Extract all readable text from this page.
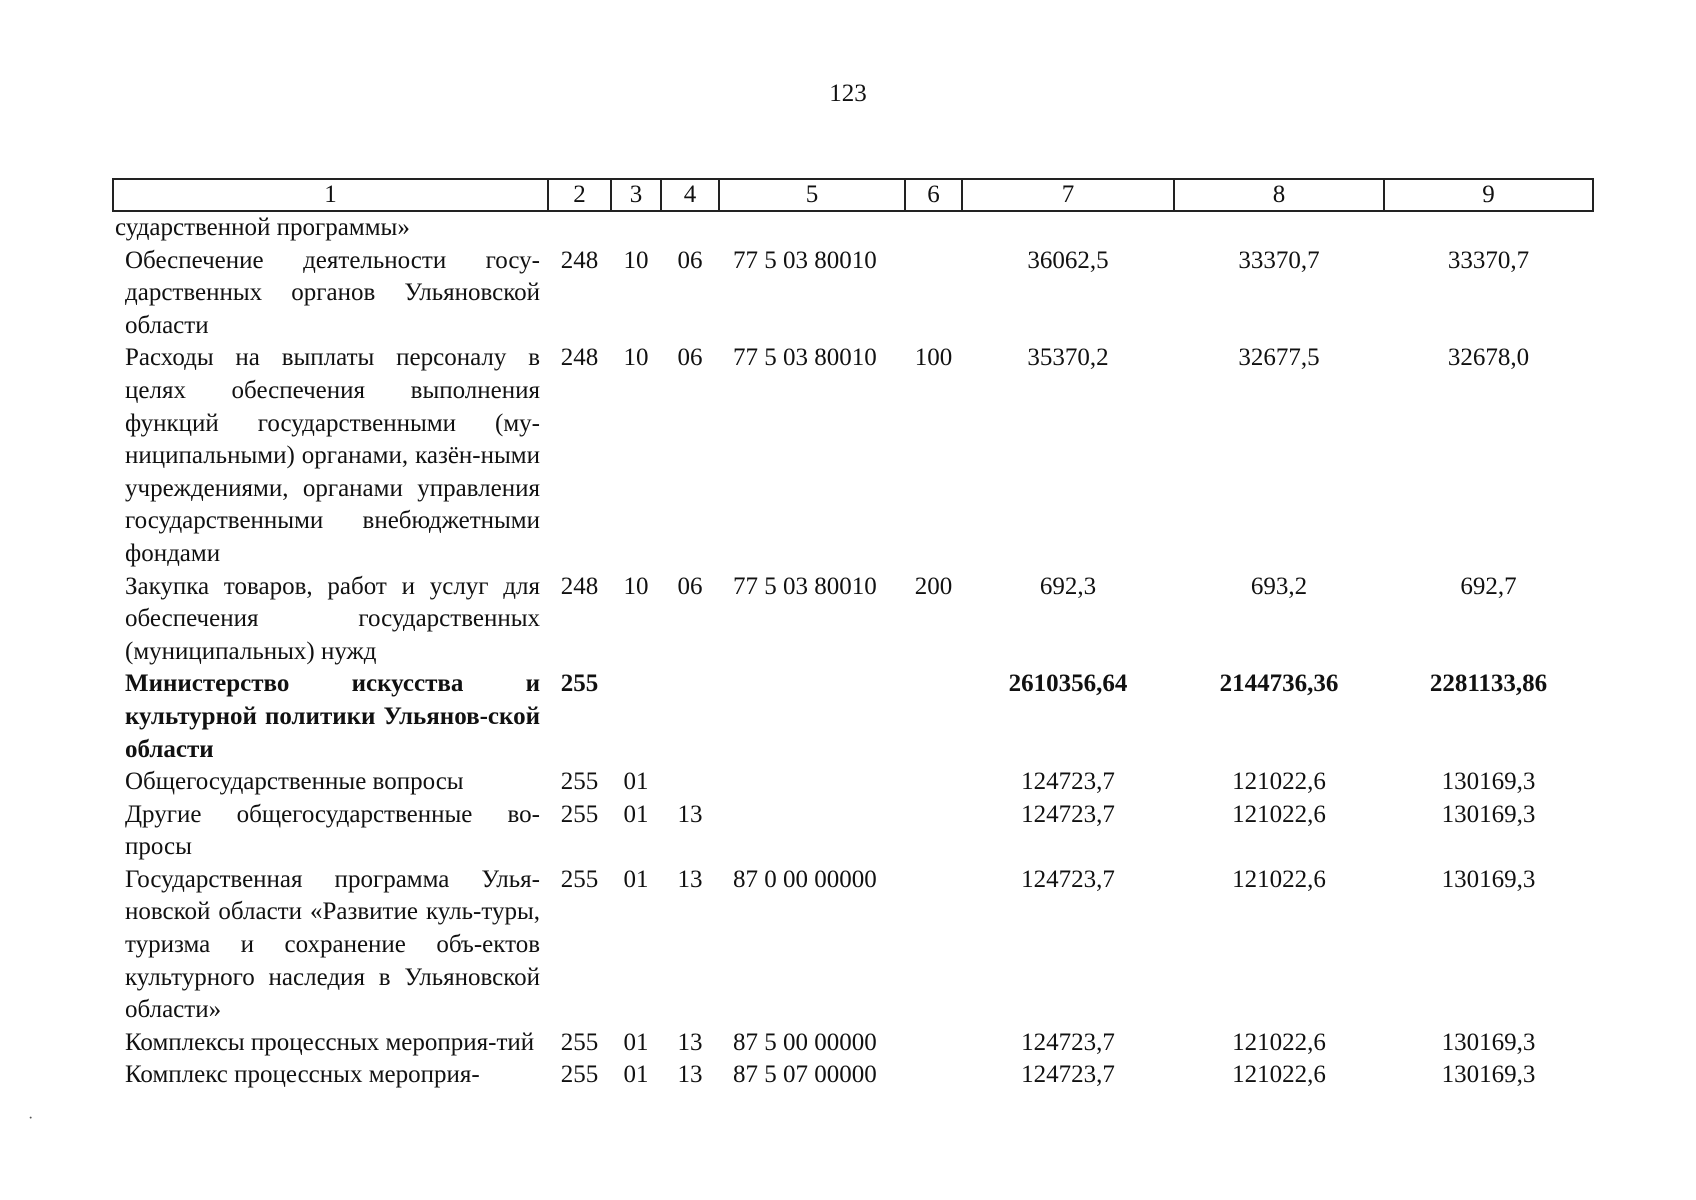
123
1	2	3	4	5	6	7	8	9
сударственной программы»								
Обеспечение деятельности госу-дарственных органов Ульяновской области	248	10	06	77 5 03 80010		36062,5	33370,7	33370,7
Расходы на выплаты персоналу в целях обеспечения выполнения функций государственными (му-ниципальными) органами, казён-ными учреждениями, органами управления государственными внебюджетными фондами	248	10	06	77 5 03 80010	100	35370,2	32677,5	32678,0
Закупка товаров, работ и услуг для обеспечения государственных (муниципальных) нужд	248	10	06	77 5 03 80010	200	692,3	693,2	692,7
Министерство искусства и культурной политики Ульянов-ской области	255					2610356,64	2144736,36	2281133,86
Общегосударственные вопросы	255	01				124723,7	121022,6	130169,3
Другие общегосударственные во-просы	255	01	13			124723,7	121022,6	130169,3
Государственная программа Улья-новской области «Развитие куль-туры, туризма и сохранение объ-ектов культурного наследия в Ульяновской области»	255	01	13	87 0 00 00000		124723,7	121022,6	130169,3
Комплексы процессных мероприя-тий	255	01	13	87 5 00 00000		124723,7	121022,6	130169,3
Комплекс процессных мероприя-	255	01	13	87 5 07 00000		124723,7	121022,6	130169,3
·
